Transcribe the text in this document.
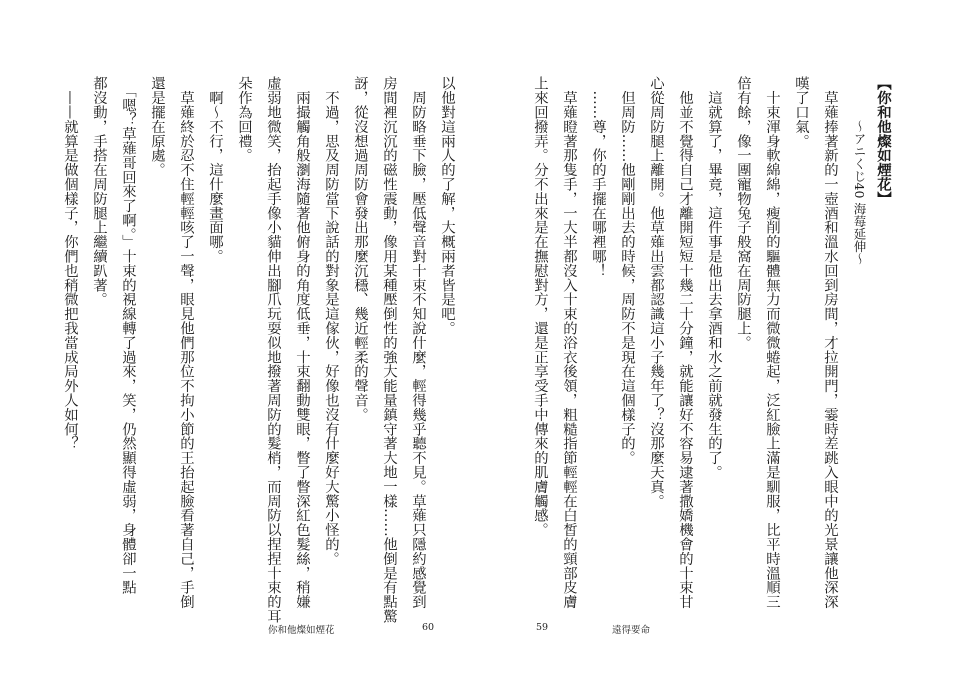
以他對這兩人的了解，大概兩者皆是吧。
　周防略垂下臉，壓低聲音對十束不知說什麼，輕得幾乎聽不見。草薙只隱約感覺到
房間裡沉沉的磁性震動，像用某種壓倒性的強大能量鎮守著大地一樣……他倒是有點驚
訝，從沒想過周防會發出那麼沉穩、幾近輕柔的聲音。
　不過，思及周防當下說話的對象是這傢伙，好像也沒有什麼好大驚小怪的。
　兩撮觸角般瀏海隨著他俯身的角度低垂，十束翻動雙眼，瞥了瞥深紅色髮絲，稍嫌
虛弱地微笑，抬起手像小貓伸出腳爪玩耍似地撥著周防的髮梢，而周防以捏捏十束的耳
朵作為回禮。
　啊～不行，這什麼畫面哪。
　草薙終於忍不住輕輕咳了一聲，眼見他們那位不拘小節的王抬起臉看著自己，手倒
還是擺在原處。
　「嗯？草薙哥回來了啊。」十束的視線轉了過來，笑，仍然顯得虛弱，身體卻一點
都沒動，手搭在周防腿上繼續趴著。
　——就算是做個樣子，你們也稍微把我當成局外人如何？
你和他燦如煙花	60
【你和他燦如煙花】
～アニくじ40 海莓延伸～
　草薙捧著新的一壺酒和溫水回到房間，才拉開門，霎時差跳入眼中的光景讓他深深
嘆了口氣。
　十束渾身軟綿綿，瘦削的驅體無力而微微蜷起，泛紅臉上滿是馴服，比平時溫順三
倍有餘，像一團寵物兔子般窩在周防腿上。
　這就算了，畢竟，這件事是他出去拿酒和水之前就發生的了。
　他並不覺得自己才離開短短十幾二十分鐘，就能讓好不容易逮著撒嬌機會的十束甘
心從周防腿上離開。他草薙出雲都認識這小子幾年了？沒那麼天真。
　但周防……他剛剛出去的時候，周防不是現在這個樣子的。
　……尊，你的手擺在哪裡哪！
　草薙瞪著那隻手，一大半都沒入十束的浴衣後領，粗糙指節輕輕在白皙的頸部皮膚
上來回撥弄。分不出來是在撫慰對方，還是正享受手中傳來的肌膚觸感。
59	遠得要命
